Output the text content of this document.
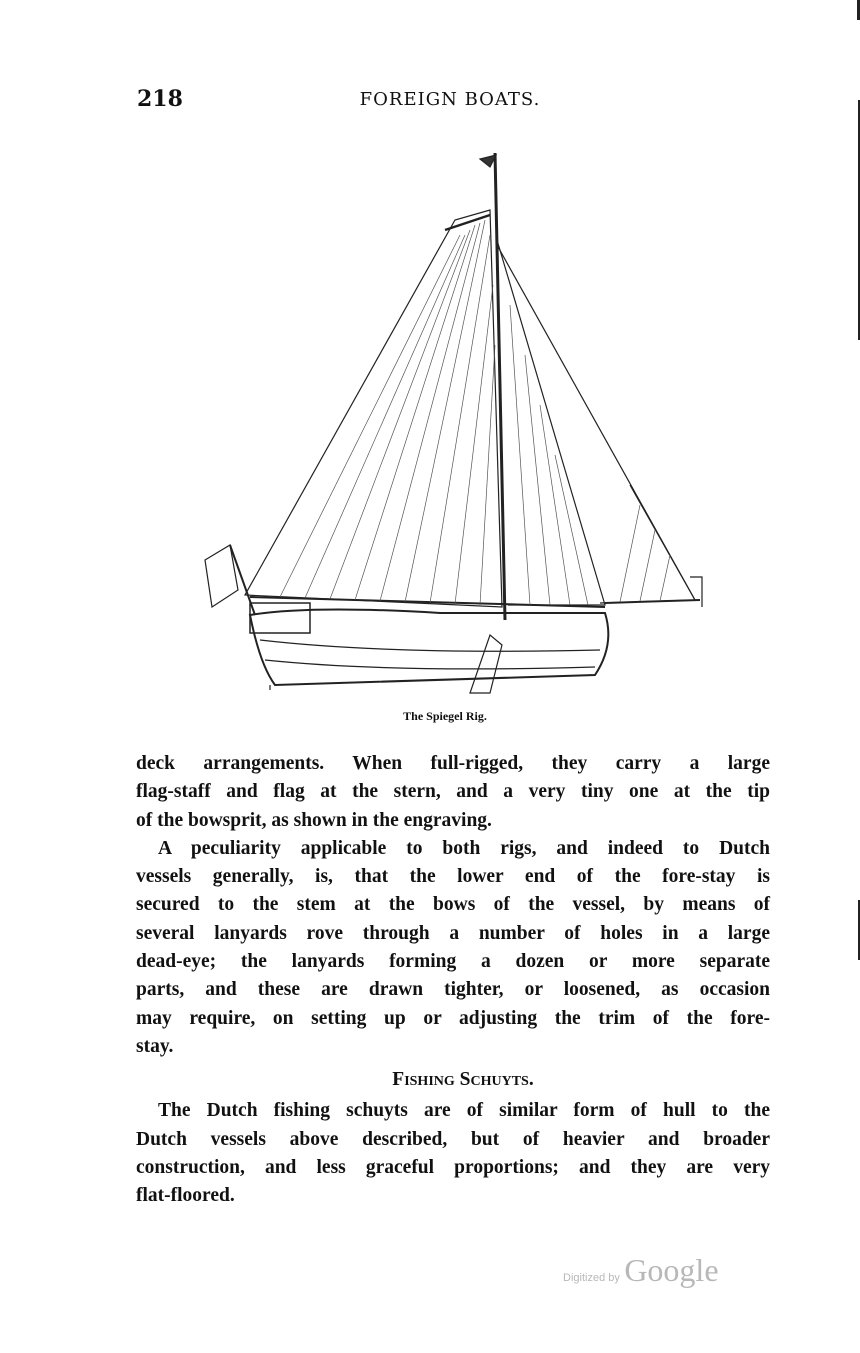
218	FOREIGN BOATS.
The Spiegel Rig.
deck arrangements. When full-rigged, they carry a large
flag-staff and flag at the stern, and a very tiny one at the tip
of the bowsprit, as shown in the engraving.
A peculiarity applicable to both rigs, and indeed to Dutch
vessels generally, is, that the lower end of the fore-stay is
secured to the stem at the bows of the vessel, by means of
several lanyards rove through a number of holes in a large
dead-eye; the lanyards forming a dozen or more separate
parts, and these are drawn tighter, or loosened, as occasion
may require, on setting up or adjusting the trim of the fore-
stay.
Fishing Schuyts.
The Dutch fishing schuyts are of similar form of hull to the
Dutch vessels above described, but of heavier and broader
construction, and less graceful proportions; and they are very
flat-floored.
Digitized by Google
